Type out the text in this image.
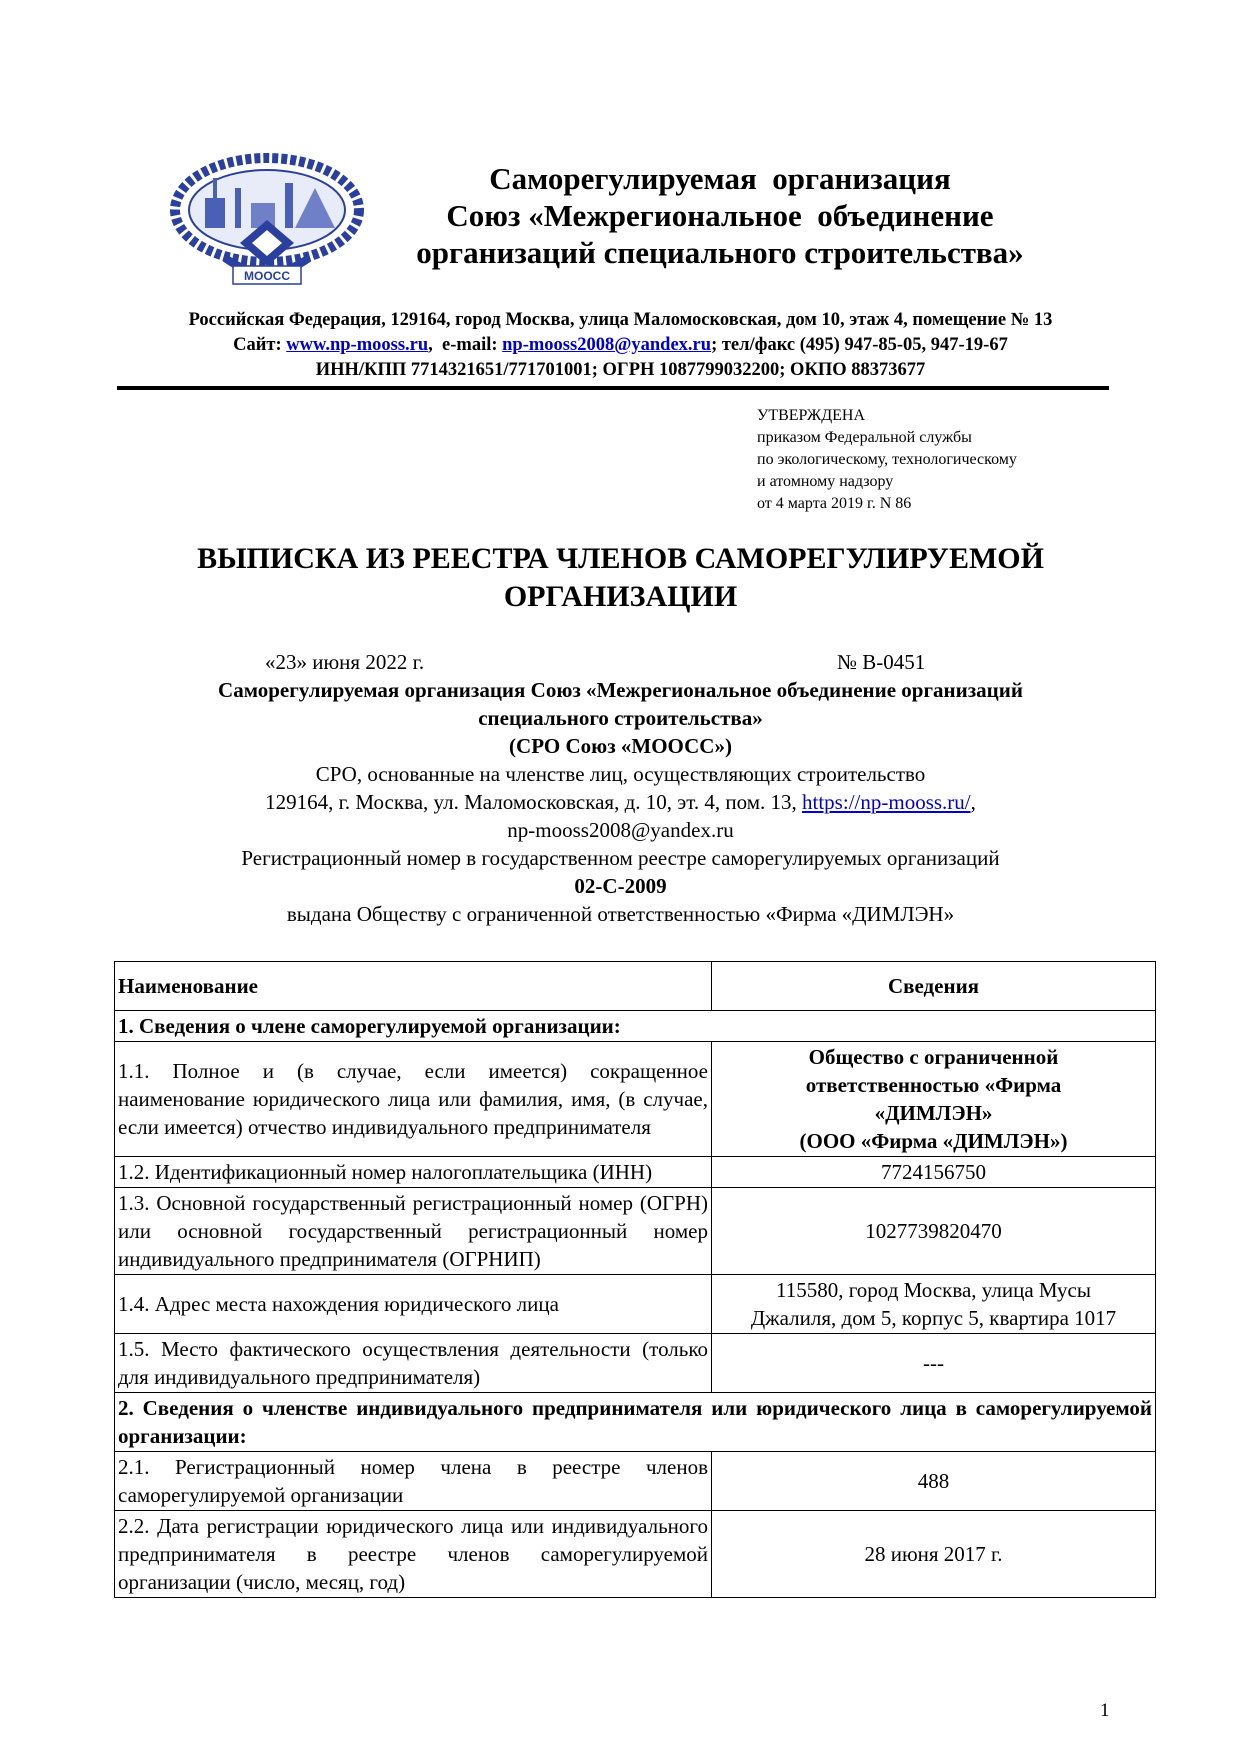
МООСС
Саморегулируемая  организация
Союз «Межрегиональное  объединение
организаций специального строительства»
Российская Федерация, 129164, город Москва, улица Маломосковская, дом 10, этаж 4, помещение № 13
Сайт: www.np-mooss.ru,  e-mail: np-mooss2008@yandex.ru; тел/факс (495) 947-85-05, 947-19-67
ИНН/КПП 7714321651/771701001; ОГРН 1087799032200; ОКПО 88373677
УТВЕРЖДЕНА
приказом Федеральной службы
по экологическому, технологическому
и атомному надзору
от 4 марта 2019 г. N 86
ВЫПИСКА ИЗ РЕЕСТРА ЧЛЕНОВ САМОРЕГУЛИРУЕМОЙ
ОРГАНИЗАЦИИ
«23» июня 2022 г.	№ В-0451
Саморегулируемая организация Союз «Межрегиональное объединение организаций
специального строительства»
(СРО Союз «МООСС»)
СРО, основанные на членстве лиц, осуществляющих строительство
129164, г. Москва, ул. Маломосковская, д. 10, эт. 4, пом. 13, https://np-mooss.ru/,
np-mooss2008@yandex.ru
Регистрационный номер в государственном реестре саморегулируемых организаций
02-С-2009
выдана Обществу с ограниченной ответственностью «Фирма «ДИМЛЭН»
Наименование	Сведения
1. Сведения о члене саморегулируемой организации:	
1.1. Полное и (в случае, если имеется) сокращенное наименование юридического лица или фамилия, имя, (в случае, если имеется) отчество индивидуального предпринимателя	Общество с ограниченной
ответственностью «Фирма
«ДИМЛЭН»
(ООО «Фирма «ДИМЛЭН»)

1.2. Идентификационный номер налогоплательщика (ИНН)	7724156750
1.3. Основной государственный регистрационный номер (ОГРН) или основной государственный регистрационный номер индивидуального предпринимателя (ОГРНИП)	1027739820470
1.4. Адрес места нахождения юридического лица	115580, город Москва, улица Мусы
Джалиля, дом 5, корпус 5, квартира 1017

1.5. Место фактического осуществления деятельности (только для индивидуального предпринимателя)	---
2. Сведения о членстве индивидуального предпринимателя или юридического лица в саморегулируемой организации:	
2.1. Регистрационный номер члена в реестре членов саморегулируемой организации	488
2.2. Дата регистрации юридического лица или индивидуального предпринимателя в реестре членов саморегулируемой организации (число, месяц, год)	28 июня 2017 г.
1
